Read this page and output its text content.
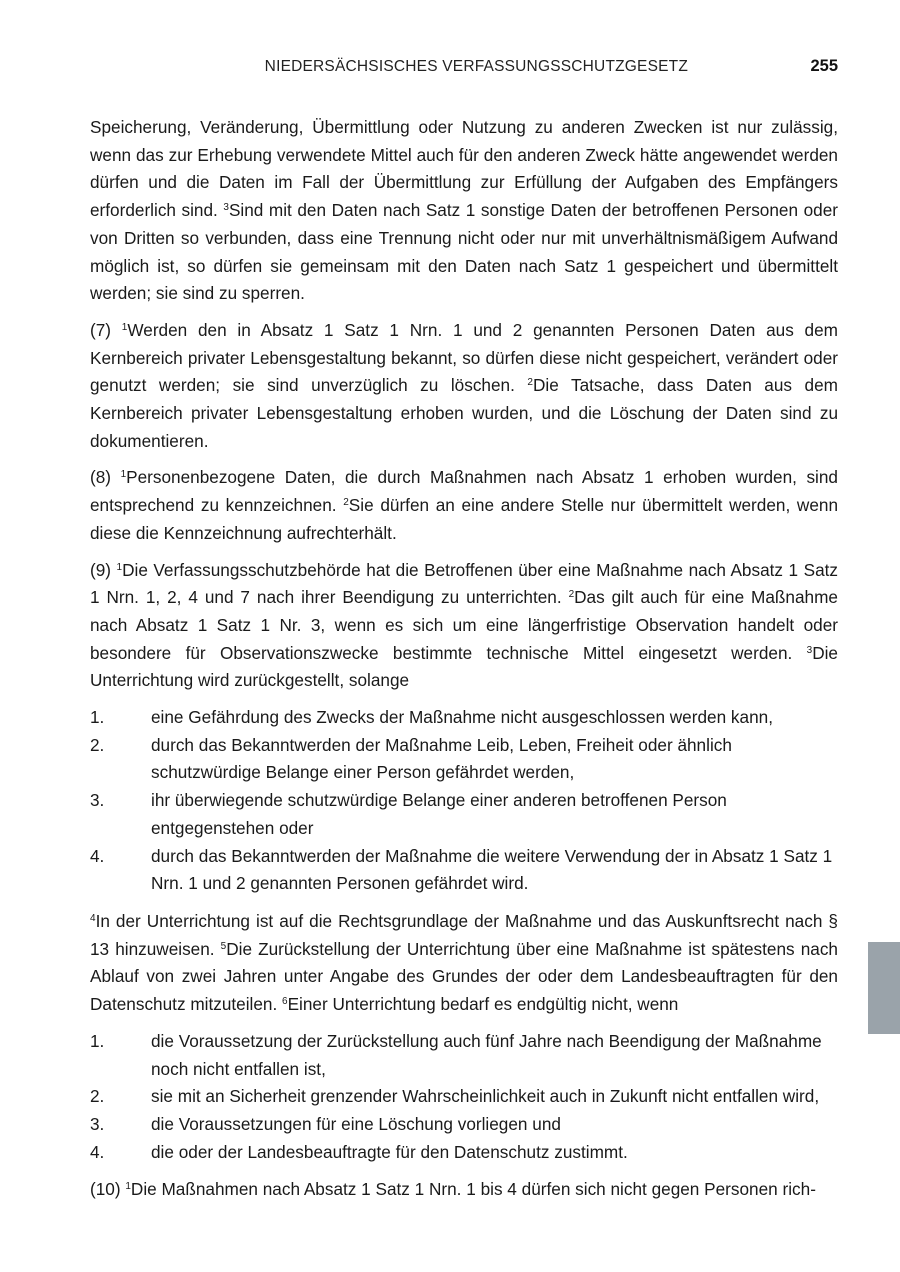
NIEDERSÄCHSISCHES VERFASSUNGSSCHUTZGESETZ	255

Speicherung, Veränderung, Übermittlung oder Nutzung zu anderen Zwecken ist nur zulässig, wenn das zur Erhebung verwendete Mittel auch für den anderen Zweck hätte angewendet werden dürfen und die Daten im Fall der Übermittlung zur Erfüllung der Aufgaben des Empfängers erforderlich sind. $^3$Sind mit den Daten nach Satz 1 sonstige Daten der betroffenen Personen oder von Dritten so verbunden, dass eine Trennung nicht oder nur mit unverhältnismäßigem Aufwand möglich ist, so dürfen sie gemeinsam mit den Daten nach Satz 1 gespeichert und übermittelt werden; sie sind zu sperren.

(7) $^1$Werden den in Absatz 1 Satz 1 Nrn. 1 und 2 genannten Personen Daten aus dem Kernbereich privater Lebensgestaltung bekannt, so dürfen diese nicht gespeichert, verändert oder genutzt werden; sie sind unverzüglich zu löschen. $^2$Die Tatsache, dass Daten aus dem Kernbereich privater Lebensgestaltung erhoben wurden, und die Löschung der Daten sind zu dokumentieren.

(8) $^1$Personenbezogene Daten, die durch Maßnahmen nach Absatz 1 erhoben wurden, sind entsprechend zu kennzeichnen. $^2$Sie dürfen an eine andere Stelle nur übermittelt werden, wenn diese die Kennzeichnung aufrechterhält.

(9) $^1$Die Verfassungsschutzbehörde hat die Betroffenen über eine Maßnahme nach Absatz 1 Satz 1 Nrn. 1, 2, 4 und 7 nach ihrer Beendigung zu unterrichten. $^2$Das gilt auch für eine Maßnahme nach Absatz 1 Satz 1 Nr. 3, wenn es sich um eine längerfristige Observation handelt oder besondere für Observationszwecke bestimmte technische Mittel eingesetzt werden. $^3$Die Unterrichtung wird zurückgestellt, solange

1.	eine Gefährdung des Zwecks der Maßnahme nicht ausgeschlossen werden kann,
2.	durch das Bekanntwerden der Maßnahme Leib, Leben, Freiheit oder ähnlich schutzwürdige Belange einer Person gefährdet werden,
3.	ihr überwiegende schutzwürdige Belange einer anderen betroffenen Person entgegenstehen oder
4.	durch das Bekanntwerden der Maßnahme die weitere Verwendung der in Absatz 1 Satz 1 Nrn. 1 und 2 genannten Personen gefährdet wird.

$^4$In der Unterrichtung ist auf die Rechtsgrundlage der Maßnahme und das Auskunftsrecht nach § 13 hinzuweisen. $^5$Die Zurückstellung der Unterrichtung über eine Maßnahme ist spätestens nach Ablauf von zwei Jahren unter Angabe des Grundes der oder dem Landesbeauftragten für den Datenschutz mitzuteilen. $^6$Einer Unterrichtung bedarf es endgültig nicht, wenn

1.	die Voraussetzung der Zurückstellung auch fünf Jahre nach Beendigung der Maßnahme noch nicht entfallen ist,
2.	sie mit an Sicherheit grenzender Wahrscheinlichkeit auch in Zukunft nicht entfallen wird,
3.	die Voraussetzungen für eine Löschung vorliegen und
4.	die oder der Landesbeauftragte für den Datenschutz zustimmt.

(10) $^1$Die Maßnahmen nach Absatz 1 Satz 1 Nrn. 1 bis 4 dürfen sich nicht gegen Personen rich-
